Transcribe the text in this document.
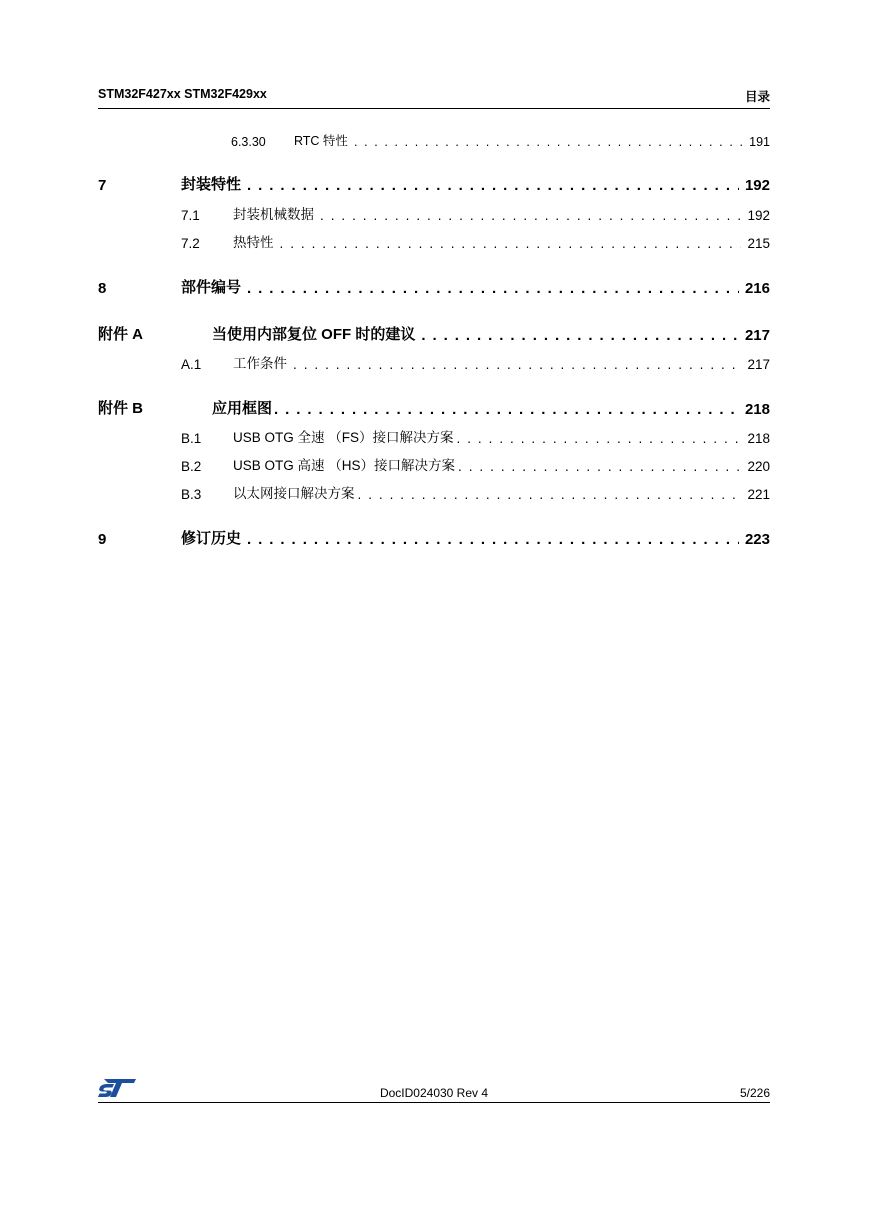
STM32F427xx STM32F429xx	目录
6.3.30 RTC 特性 . . .	191
7	封装特性 . . .	192
7.1 封装机械数据 . . .	192
7.2 热特性 . . .	215
8	部件编号 . . .	216
附件 A	当使用内部复位 OFF 时的建议 . . .	217
A.1 工作条件 . . .	217
附件 B	应用框图 . . .	218
B.1 USB OTG 全速 （FS）接口解决方案 . . .	218
B.2 USB OTG 高速 （HS）接口解决方案 . . .	220
B.3 以太网接口解决方案 . . .	221
9	修订历史 . . .	223
DocID024030 Rev 4	5/226
